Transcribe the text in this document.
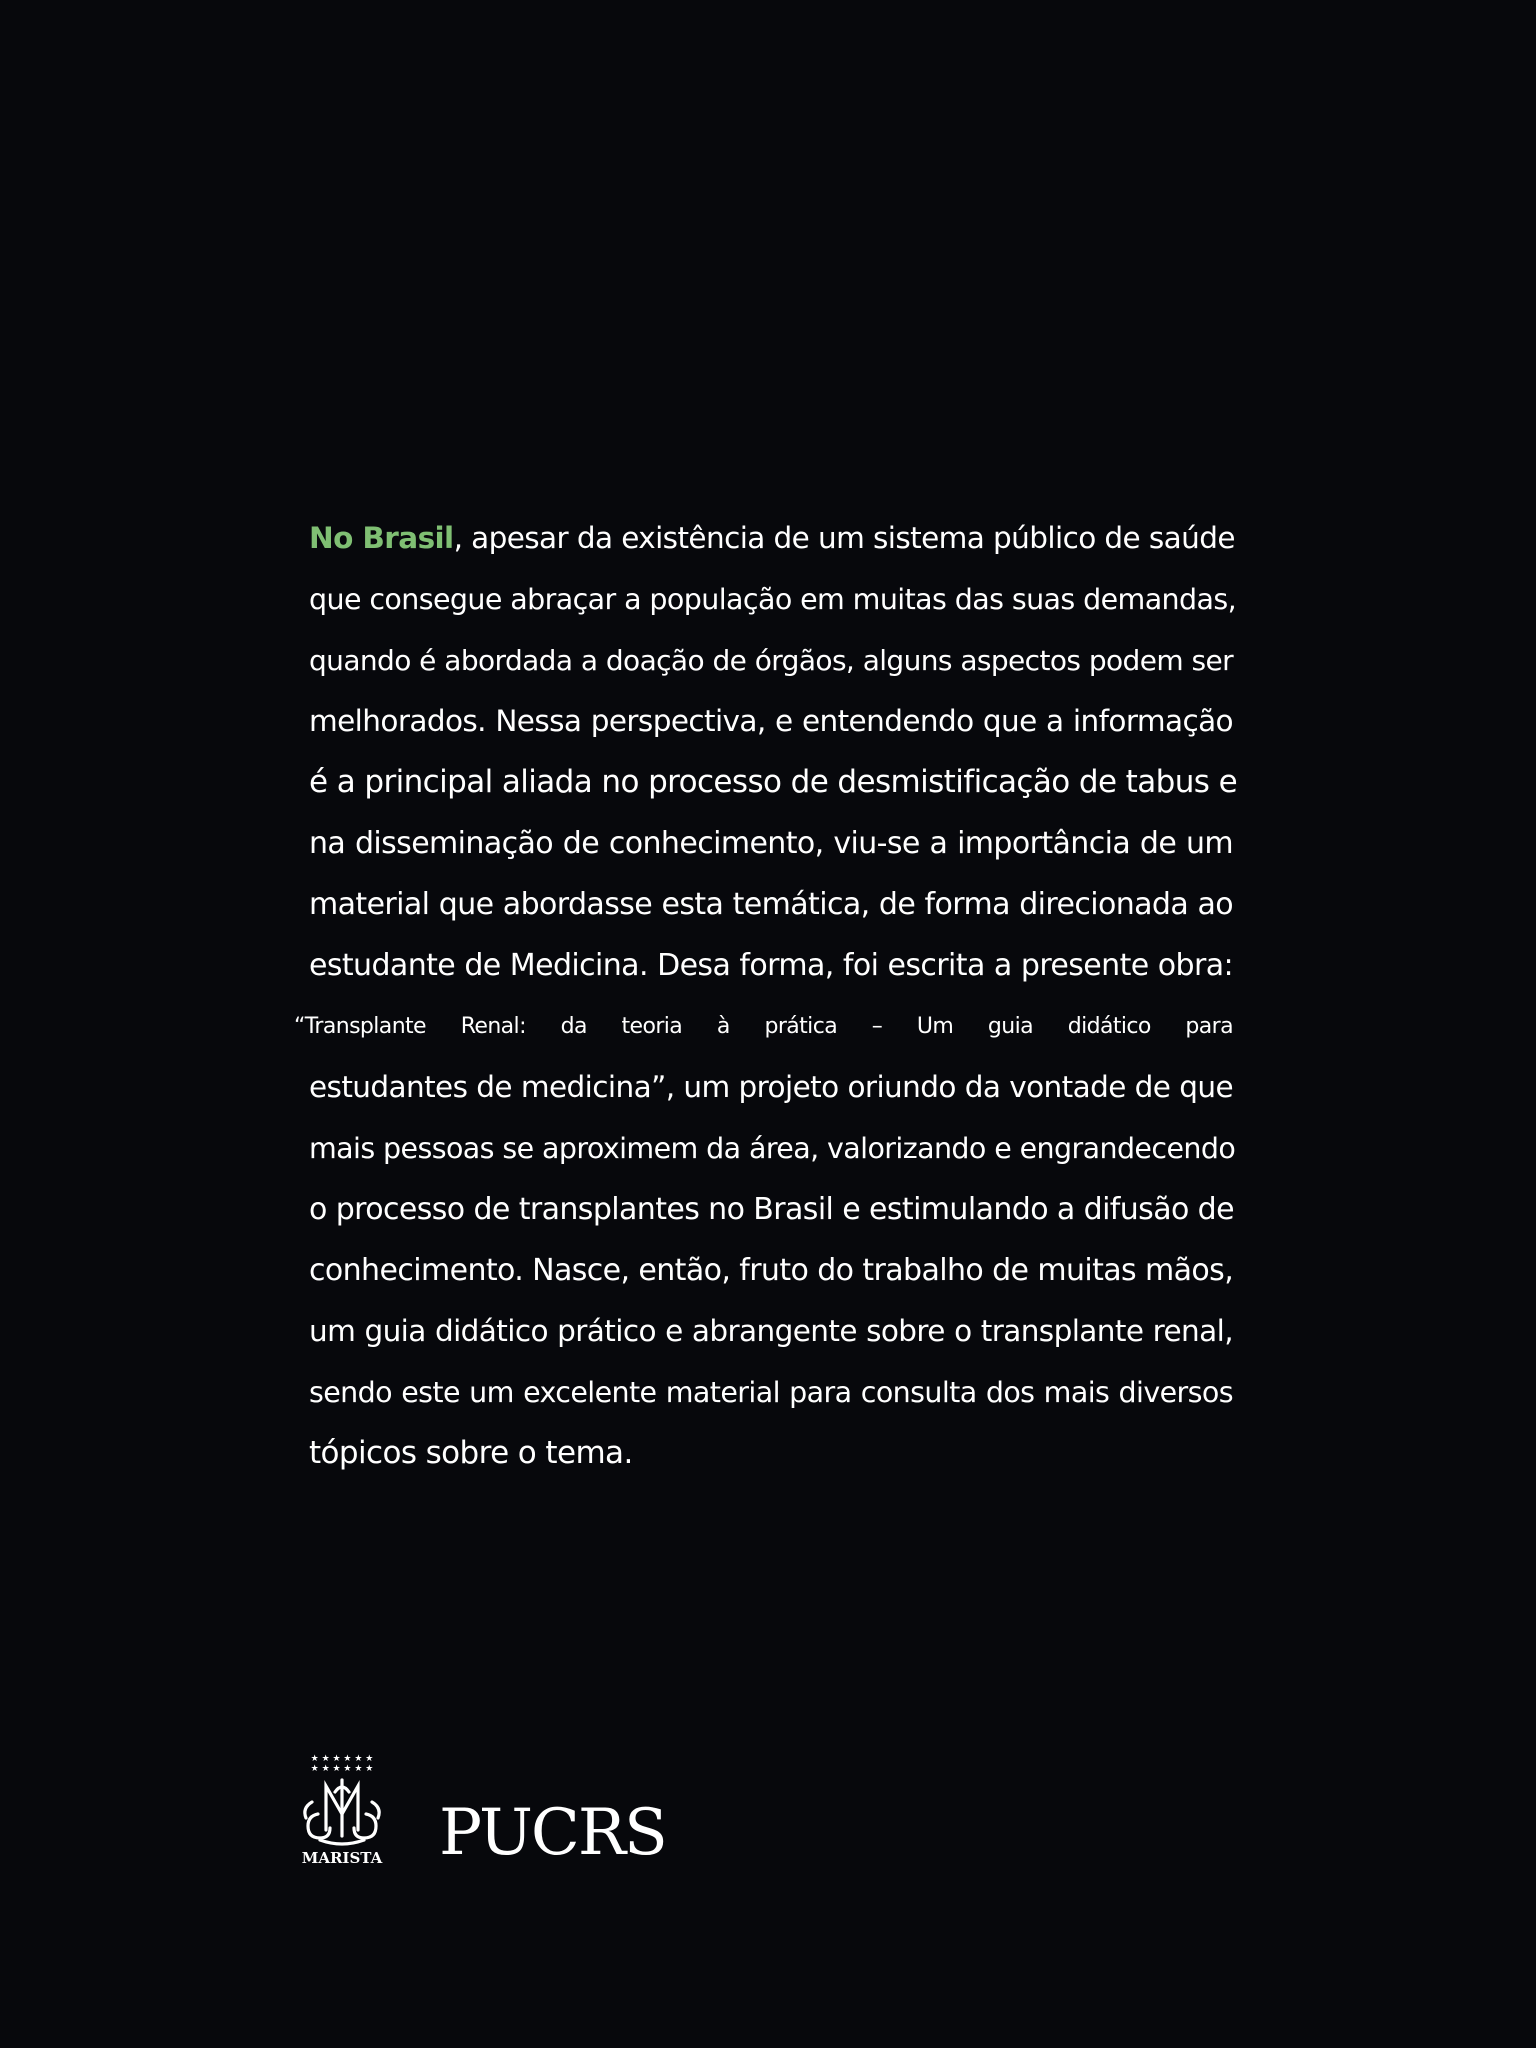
No Brasil, apesar da existência de um sistema público de saúde
que consegue abraçar a população em muitas das suas demandas,
quando é abordada a doação de órgãos, alguns aspectos podem ser
melhorados. Nessa perspectiva, e entendendo que a informação
é a principal aliada no processo de desmistificação de tabus e
na disseminação de conhecimento, viu-se a importância de um
material que abordasse esta temática, de forma direcionada ao
estudante de Medicina. Desa forma, foi escrita a presente obra:
“Transplante Renal: da teoria à prática – Um guia didático para
estudantes de medicina”, um projeto oriundo da vontade de que
mais pessoas se aproximem da área, valorizando e engrandecendo
o processo de transplantes no Brasil e estimulando a difusão de
conhecimento. Nasce, então, fruto do trabalho de muitas mãos,
um guia didático prático e abrangente sobre o transplante renal,
sendo este um excelente material para consulta dos mais diversos
tópicos sobre o tema.
★ ★ ★ ★ ★ ★
★ ★ ★ ★ ★ ★
MARISTA PUCRS
